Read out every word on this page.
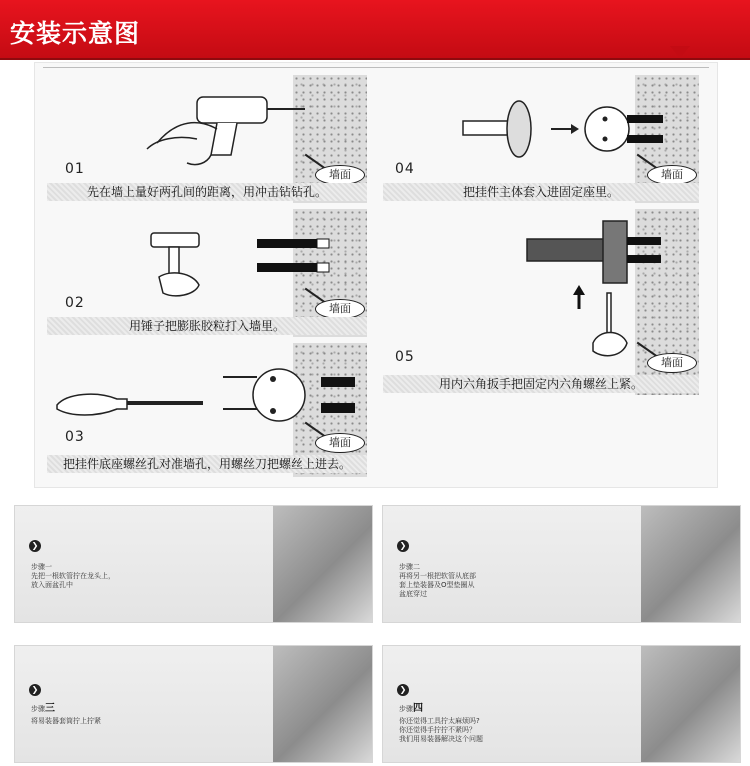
安装示意图
01	墙面
先在墙上量好两孔间的距离，用冲击钻钻孔。
02	墙面
用锤子把膨胀胶粒打入墙里。
03	墙面
把挂件底座螺丝孔对准墙孔，用螺丝刀把螺丝上进去。
04	墙面
把挂件主体套入进固定座里。
05	墙面
用内六角扳手把固定内六角螺丝上紧。
❯
步骤一
先把一根软管拧在龙头上，
放入面盆孔中
❯
步骤二
再将另一根把软管从底部
套上垫装器及O型垫圈从
盆底穿过
❯
步骤三
将易装器套筒拧上拧紧
❯
步骤四
你还觉得工具拧太麻烦吗?
你还觉得手拧拧不紧吗？
我们用易装器解决这个问题
